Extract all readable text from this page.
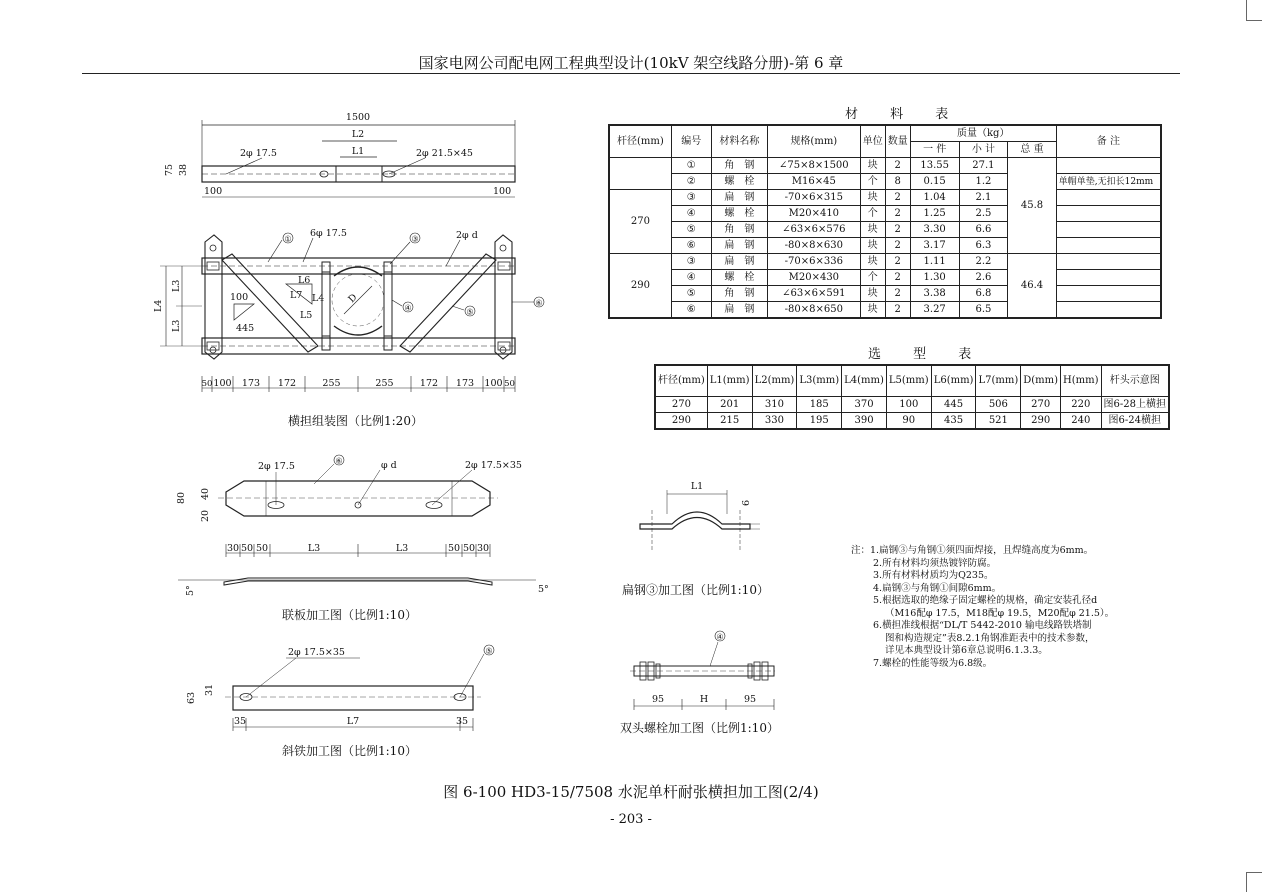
国家电网公司配电网工程典型设计(10kV 架空线路分册)-第 6 章
1500
L2
L1
2φ 17.5	2φ 21.5×45
75 38
100	100
D
L6
L7 L4
L5
100
445
① 6φ 17.5	③	2φ d
④	⑤
⑥
L4
L3
L3
50 100 173 172	255	255	172 173 100 50
2φ 17.5	2φ 17.5×35
φ d
⑥
80 40
20
5°	5°
30 50 50	L3	L3	50 50 30
2φ 17.5×35	⑤
63
31
35	L7	35
L1
6
④
95	H	95
横担组装图（比例1:20）
联板加工图（比例1:10）
斜铁加工图（比例1:10）
扁钢③加工图（比例1:10）
双头螺栓加工图（比例1:10）
材 料 表
杆径(mm)	编号	材料名称	规格(mm)	单位	数量	质量（kg）			备 注
						一 件	小 计	总 重	
	①	角　钢	∠75×8×1500	块	2	13.55	27.1	45.8	
	②	螺　栓	M16×45	个	8	0.15	1.2		单帽单垫,无扣长12mm
270	③	扁　钢	-70×6×315	块	2	1.04	2.1		
	④	螺　栓	M20×410	个	2	1.25	2.5		
	⑤	角　钢	∠63×6×576	块	2	3.30	6.6		
	⑥	扁　钢	-80×8×630	块	2	3.17	6.3		
290	③	扁　钢	-70×6×336	块	2	1.11	2.2	46.4	
	④	螺　栓	M20×430	个	2	1.30	2.6		
	⑤	角　钢	∠63×6×591	块	2	3.38	6.8		
	⑥	扁　钢	-80×8×650	块	2	3.27	6.5		
选 型 表
杆径(mm)	L1(mm)	L2(mm)	L3(mm)	L4(mm)	L5(mm)	L6(mm)	L7(mm)	D(mm)	H(mm)	杆头示意图
270	201	310	185	370	100	445	506	270	220	图6-28上横担
290	215	330	195	390	90	435	521	290	240	图6-24横担
注：1.扁钢③与角钢①须四面焊接，且焊缝高度为6mm。
2.所有材料均须热镀锌防腐。
3.所有材料材质均为Q235。
4.扁钢③与角钢①间隙6mm。
5.根据选取的绝缘子固定螺栓的规格，确定安装孔径d
（M16配φ 17.5，M18配φ 19.5，M20配φ 21.5）。
6.横担准线根据“DL/T 5442-2010 输电线路铁塔制
图和构造规定”表8.2.1角钢准距表中的技术参数，
详见本典型设计第6章总说明6.1.3.3。
7.螺栓的性能等级为6.8级。
图 6-100 HD3-15/7508 水泥单杆耐张横担加工图(2/4)
- 203 -
